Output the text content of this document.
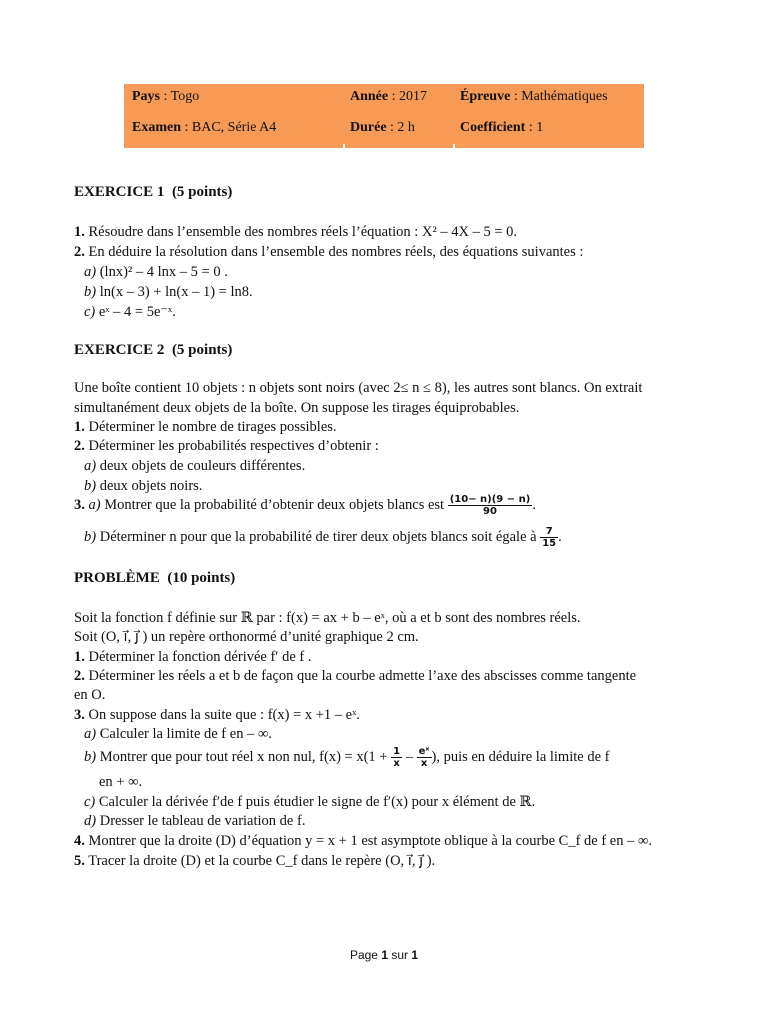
Pays : Togo	Année : 2017 Épreuve : Mathématiques
Examen : BAC, Série A4	Durée : 2 h	Coefficient : 1
EXERCICE 1 (5 points)
1. Résoudre dans l’ensemble des nombres réels l’équation : X² – 4X – 5 = 0.
2. En déduire la résolution dans l’ensemble des nombres réels, des équations suivantes :
a) (lnx)² – 4 lnx – 5 = 0 .
b) ln(x – 3) + ln(x – 1) = ln8.
c) eˣ – 4 = 5e⁻ˣ.
EXERCICE 2 (5 points)
Une boîte contient 10 objets : n objets sont noirs (avec 2≤ n ≤ 8), les autres sont blancs. On extrait
simultanément deux objets de la boîte. On suppose les tirages équiprobables.
1. Déterminer le nombre de tirages possibles.
2. Déterminer les probabilités respectives d’obtenir :
a) deux objets de couleurs différentes.
b) deux objets noirs.
3. a) Montrer que la probabilité d’obtenir deux objets blancs est $\frac{(10- n)(9 - n)}{90}$ .
b) Déterminer n pour que la probabilité de tirer deux objets blancs soit égale à $\frac{7}{15}$ .
PROBLÈME (10 points)
Soit la fonction f définie sur ℝ par : f(x) = ax + b – eˣ, où a et b sont des nombres réels.
Soit (O, i⃗, j⃗ ) un repère orthonormé d’unité graphique 2 cm.
1. Déterminer la fonction dérivée f′ de f .
2. Déterminer les réels a et b de façon que la courbe admette l’axe des abscisses comme tangente
en O.
3. On suppose dans la suite que : f(x) = x +1 – eˣ.
a) Calculer la limite de f en – ∞.
b) Montrer que pour tout réel x non nul, $f(x) = x(1 + \frac{1}{x} - \frac{\text{eˣ}}{x}$ ), puis en déduire la limite de f
en + ∞.
c) Calculer la dérivée f′de f puis étudier le signe de f′(x) pour x élément de ℝ.
d) Dresser le tableau de variation de f.
4. Montrer que la droite (D) d’équation y = x + 1 est asymptote oblique à la courbe C_f de f en – ∞.
5. Tracer la droite (D) et la courbe C_f dans le repère (O, i⃗, j⃗ ).
Page 1 sur 1
